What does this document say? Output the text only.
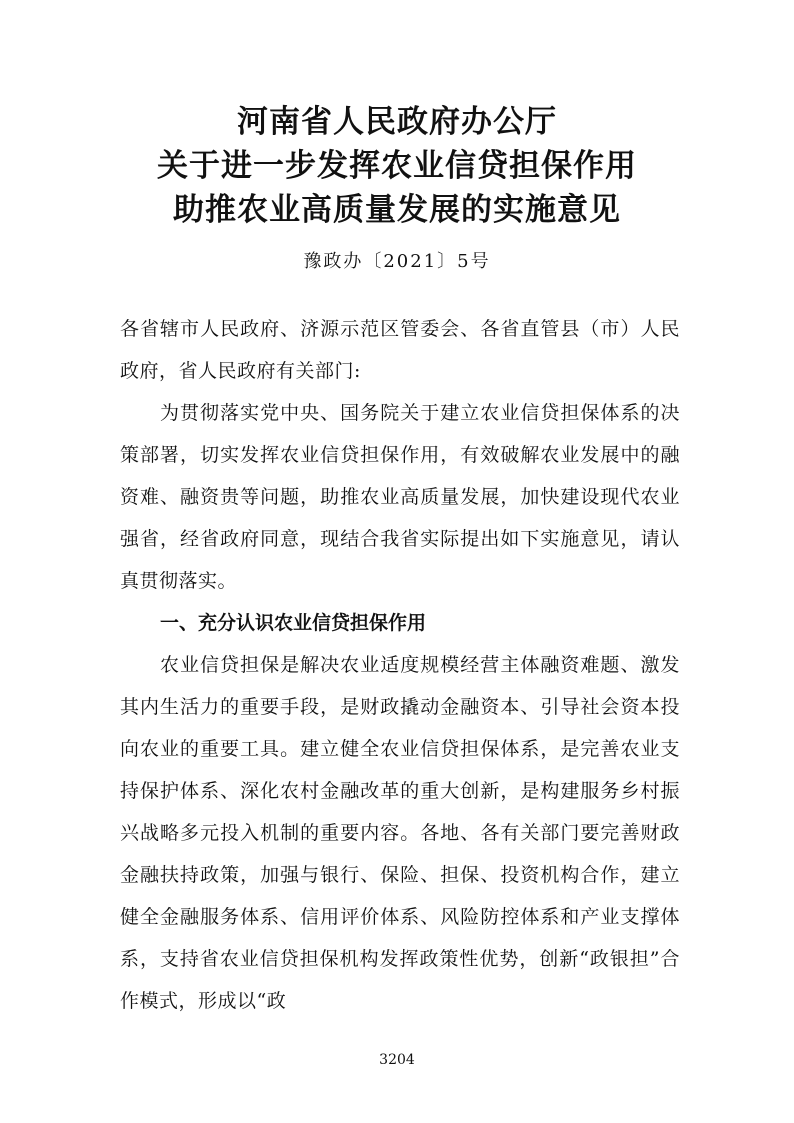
河南省人民政府办公厅
关于进一步发挥农业信贷担保作用
助推农业高质量发展的实施意见
豫政办〔2021〕5号

各省辖市人民政府、济源示范区管委会、各省直管县（市）人民政府，省人民政府有关部门:

为贯彻落实党中央、国务院关于建立农业信贷担保体系的决策部署，切实发挥农业信贷担保作用，有效破解农业发展中的融资难、融资贵等问题，助推农业高质量发展，加快建设现代农业强省，经省政府同意，现结合我省实际提出如下实施意见，请认真贯彻落实。

一、充分认识农业信贷担保作用

农业信贷担保是解决农业适度规模经营主体融资难题、激发其内生活力的重要手段，是财政撬动金融资本、引导社会资本投向农业的重要工具。建立健全农业信贷担保体系，是完善农业支持保护体系、深化农村金融改革的重大创新，是构建服务乡村振兴战略多元投入机制的重要内容。各地、各有关部门要完善财政金融扶持政策，加强与银行、保险、担保、投资机构合作，建立健全金融服务体系、信用评价体系、风险防控体系和产业支撑体系，支持省农业信贷担保机构发挥政策性优势，创新“政银担”合作模式，形成以“政

3204
